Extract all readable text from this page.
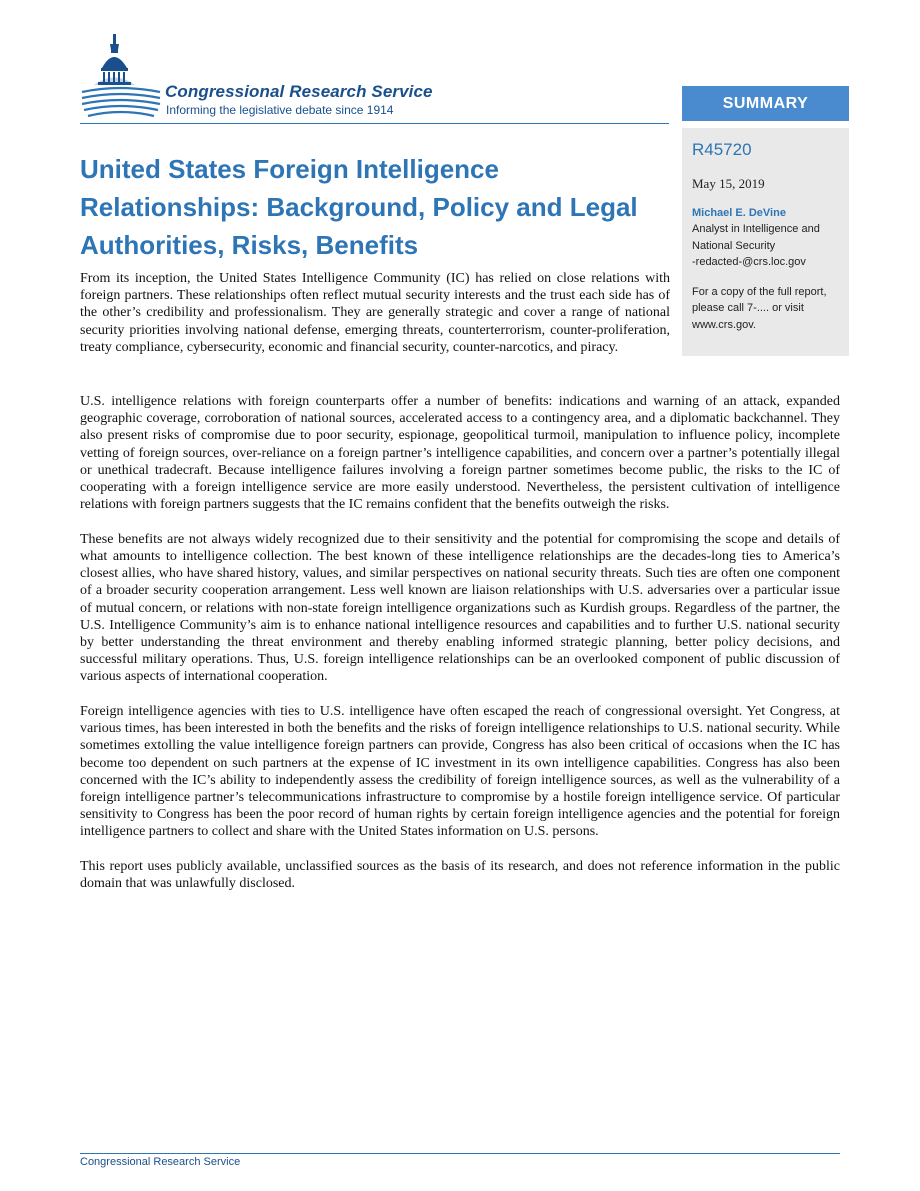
Congressional Research Service
Informing the legislative debate since 1914	SUMMARY
R45720
May 15, 2019
Michael E. DeVine
Analyst in Intelligence and
National Security
-redacted-@crs.loc.gov
For a copy of the full report,
please call 7-.... or visit
www.crs.gov.
United States Foreign Intelligence Relationships: Background, Policy and Legal Authorities, Risks, Benefits

From its inception, the United States Intelligence Community (IC) has relied on close relations with foreign partners. These relationships often reflect mutual security interests and the trust each side has of the other’s credibility and professionalism. They are generally strategic and cover a range of national security priorities involving national defense, emerging threats, counterterrorism, counter-proliferation, treaty compliance, cybersecurity, economic and financial security, counter-narcotics, and piracy.

U.S. intelligence relations with foreign counterparts offer a number of benefits: indications and warning of an attack, expanded geographic coverage, corroboration of national sources, accelerated access to a contingency area, and a diplomatic backchannel. They also present risks of compromise due to poor security, espionage, geopolitical turmoil, manipulation to influence policy, incomplete vetting of foreign sources, over-reliance on a foreign partner’s intelligence capabilities, and concern over a partner’s potentially illegal or unethical tradecraft. Because intelligence failures involving a foreign partner sometimes become public, the risks to the IC of cooperating with a foreign intelligence service are more easily understood. Nevertheless, the persistent cultivation of intelligence relations with foreign partners suggests that the IC remains confident that the benefits outweigh the risks.

These benefits are not always widely recognized due to their sensitivity and the potential for compromising the scope and details of what amounts to intelligence collection. The best known of these intelligence relationships are the decades-long ties to America’s closest allies, who have shared history, values, and similar perspectives on national security threats. Such ties are often one component of a broader security cooperation arrangement. Less well known are liaison relationships with U.S. adversaries over a particular issue of mutual concern, or relations with non-state foreign intelligence organizations such as Kurdish groups. Regardless of the partner, the U.S. Intelligence Community’s aim is to enhance national intelligence resources and capabilities and to further U.S. national security by better understanding the threat environment and thereby enabling informed strategic planning, better policy decisions, and successful military operations. Thus, U.S. foreign intelligence relationships can be an overlooked component of public discussion of various aspects of international cooperation.

Foreign intelligence agencies with ties to U.S. intelligence have often escaped the reach of congressional oversight. Yet Congress, at various times, has been interested in both the benefits and the risks of foreign intelligence relationships to U.S. national security. While sometimes extolling the value intelligence foreign partners can provide, Congress has also been critical of occasions when the IC has become too dependent on such partners at the expense of IC investment in its own intelligence capabilities. Congress has also been concerned with the IC’s ability to independently assess the credibility of foreign intelligence sources, as well as the vulnerability of a foreign intelligence partner’s telecommunications infrastructure to compromise by a hostile foreign intelligence service. Of particular sensitivity to Congress has been the poor record of human rights by certain foreign intelligence agencies and the potential for foreign intelligence partners to collect and share with the United States information on U.S. persons.

This report uses publicly available, unclassified sources as the basis of its research, and does not reference information in the public domain that was unlawfully disclosed.

Congressional Research Service
